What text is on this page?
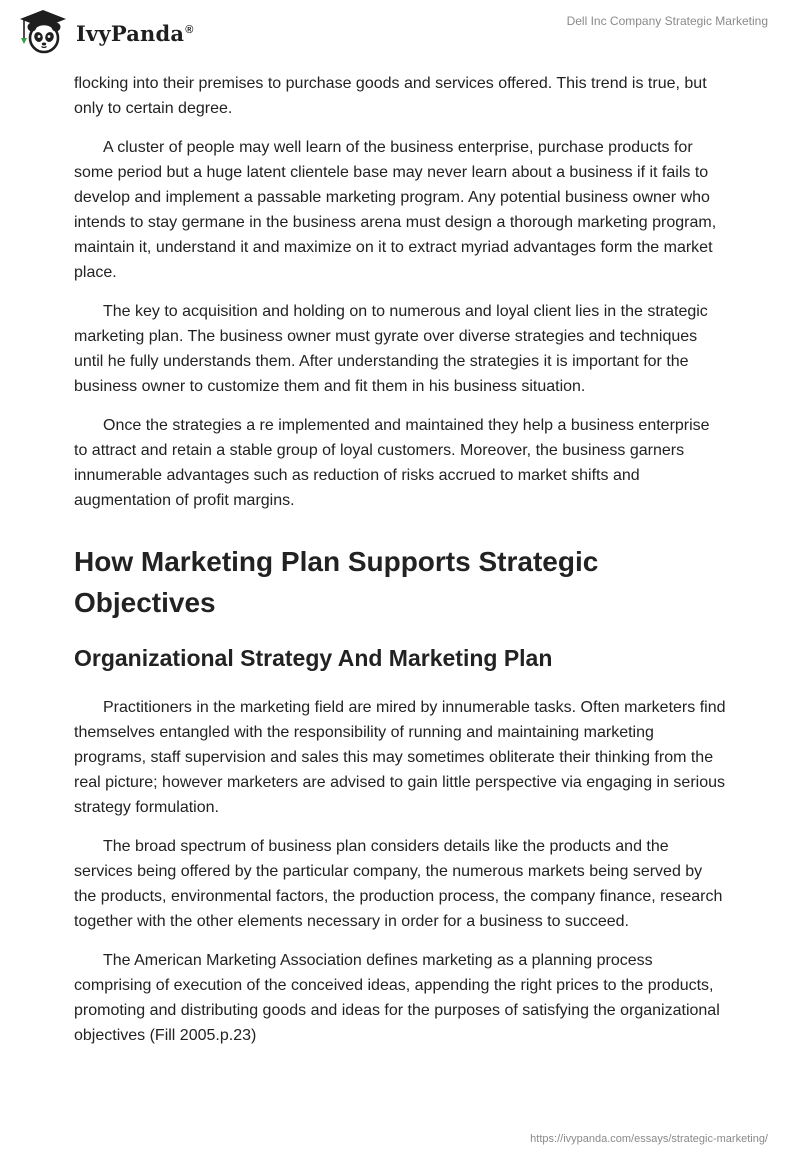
IvyPanda®
Dell Inc Company Strategic Marketing

flocking into their premises to purchase goods and services offered. This trend is true, but only to certain degree.

A cluster of people may well learn of the business enterprise, purchase products for some period but a huge latent clientele base may never learn about a business if it fails to develop and implement a passable marketing program. Any potential business owner who intends to stay germane in the business arena must design a thorough marketing program, maintain it, understand it and maximize on it to extract myriad advantages form the market place.

The key to acquisition and holding on to numerous and loyal client lies in the strategic marketing plan. The business owner must gyrate over diverse strategies and techniques until he fully understands them. After understanding the strategies it is important for the business owner to customize them and fit them in his business situation.

Once the strategies a re implemented and maintained they help a business enterprise to attract and retain a stable group of loyal customers. Moreover, the business garners innumerable advantages such as reduction of risks accrued to market shifts and augmentation of profit margins.

How Marketing Plan Supports Strategic Objectives
Organizational Strategy And Marketing Plan

Practitioners in the marketing field are mired by innumerable tasks. Often marketers find themselves entangled with the responsibility of running and maintaining marketing programs, staff supervision and sales this may sometimes obliterate their thinking from the real picture; however marketers are advised to gain little perspective via engaging in serious strategy formulation.

The broad spectrum of business plan considers details like the products and the services being offered by the particular company, the numerous markets being served by the products, environmental factors, the production process, the company finance, research together with the other elements necessary in order for a business to succeed.

The American Marketing Association defines marketing as a planning process comprising of execution of the conceived ideas, appending the right prices to the products, promoting and distributing goods and ideas for the purposes of satisfying the organizational objectives (Fill 2005.p.23)

https://ivypanda.com/essays/strategic-marketing/
